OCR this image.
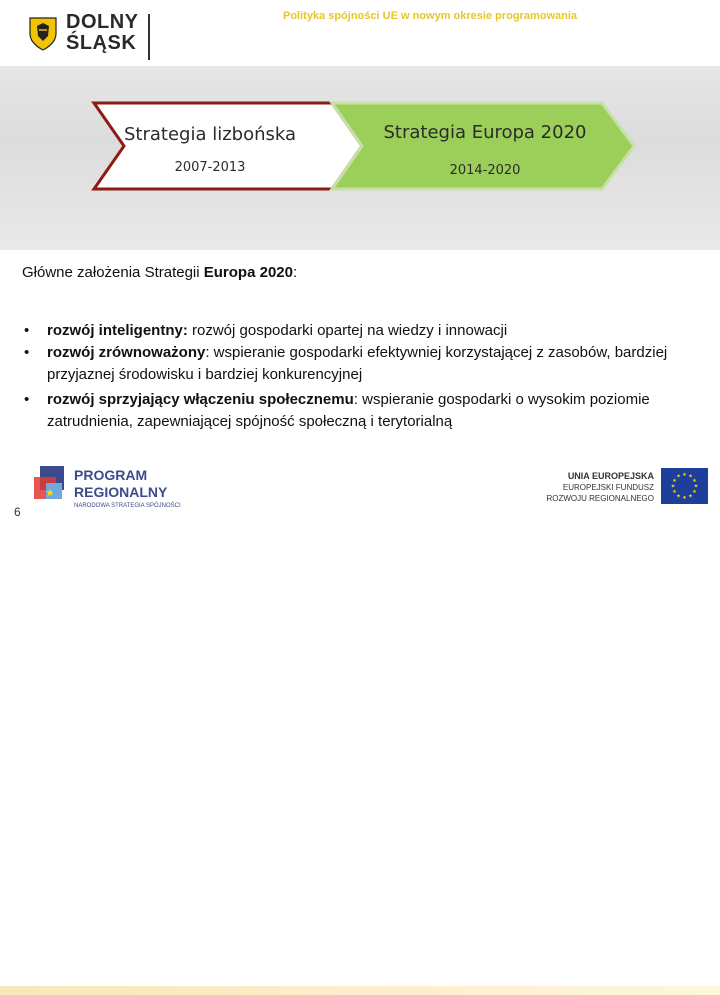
DOLNY
ŚLĄSK
Polityka spójności UE w nowym okresie programowania
Strategia lizbońska
2007-2013
Strategia Europa 2020
2014-2020

Główne założenia Strategii Europa 2020:

• rozwój inteligentny: rozwój gospodarki opartej na wiedzy i innowacji
• rozwój zrównoważony: wspieranie gospodarki efektywniej korzystającej z zasobów, bardziej przyjaznej środowisku i bardziej konkurencyjnej
• rozwój sprzyjający włączeniu społecznemu: wspieranie gospodarki o wysokim poziomie zatrudnienia, zapewniającej spójność społeczną i terytorialną
★
6
PROGRAM
REGIONALNY
NARODOWA STRATEGIA SPÓJNOŚCI
UNIA EUROPEJSKA
EUROPEJSKI FUNDUSZ
ROZWOJU REGIONALNEGO
★ ★
★
★
★
★
★
★
★
★
★
★
